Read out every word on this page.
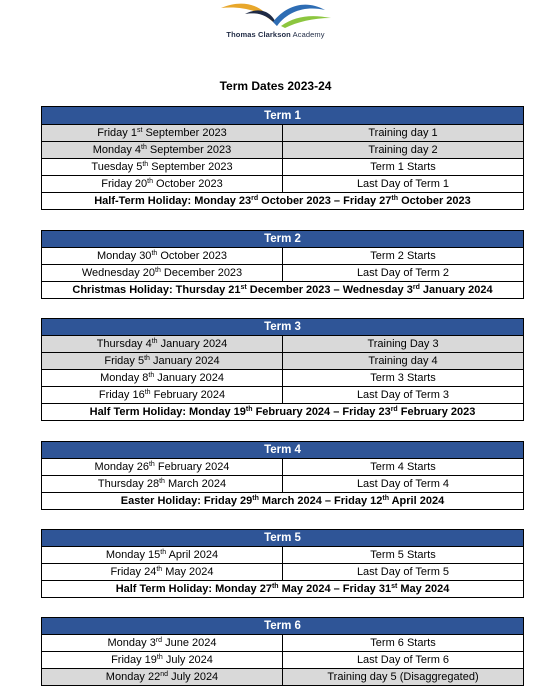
Thomas Clarkson Academy
Term Dates 2023-24
Term 1	
Friday 1st September 2023	Training day 1
Monday 4th September 2023	Training day 2
Tuesday 5th September 2023	Term 1 Starts
Friday 20th October 2023	Last Day of Term 1
Half-Term Holiday: Monday 23rd October 2023 – Friday 27th October 2023	
Term 2	
Monday 30th October 2023	Term 2 Starts
Wednesday 20th December 2023	Last Day of Term 2
Christmas Holiday: Thursday 21st December 2023 – Wednesday 3rd January 2024	
Term 3	
Thursday 4th January 2024	Training Day 3
Friday 5th January 2024	Training day 4
Monday 8th January 2024	Term 3 Starts
Friday 16th February 2024	Last Day of Term 3
Half Term Holiday: Monday 19th February 2024 – Friday 23rd February 2023	
Term 4	
Monday 26th February 2024	Term 4 Starts
Thursday 28th March 2024	Last Day of Term 4
Easter Holiday: Friday 29th March 2024 – Friday 12th April 2024	
Term 5	
Monday 15th April 2024	Term 5 Starts
Friday 24th May 2024	Last Day of Term 5
Half Term Holiday: Monday 27th May 2024 – Friday 31st May 2024	
Term 6	
Monday 3rd June 2024	Term 6 Starts
Friday 19th July 2024	Last Day of Term 6
Monday 22nd July 2024	Training day 5 (Disaggregated)
